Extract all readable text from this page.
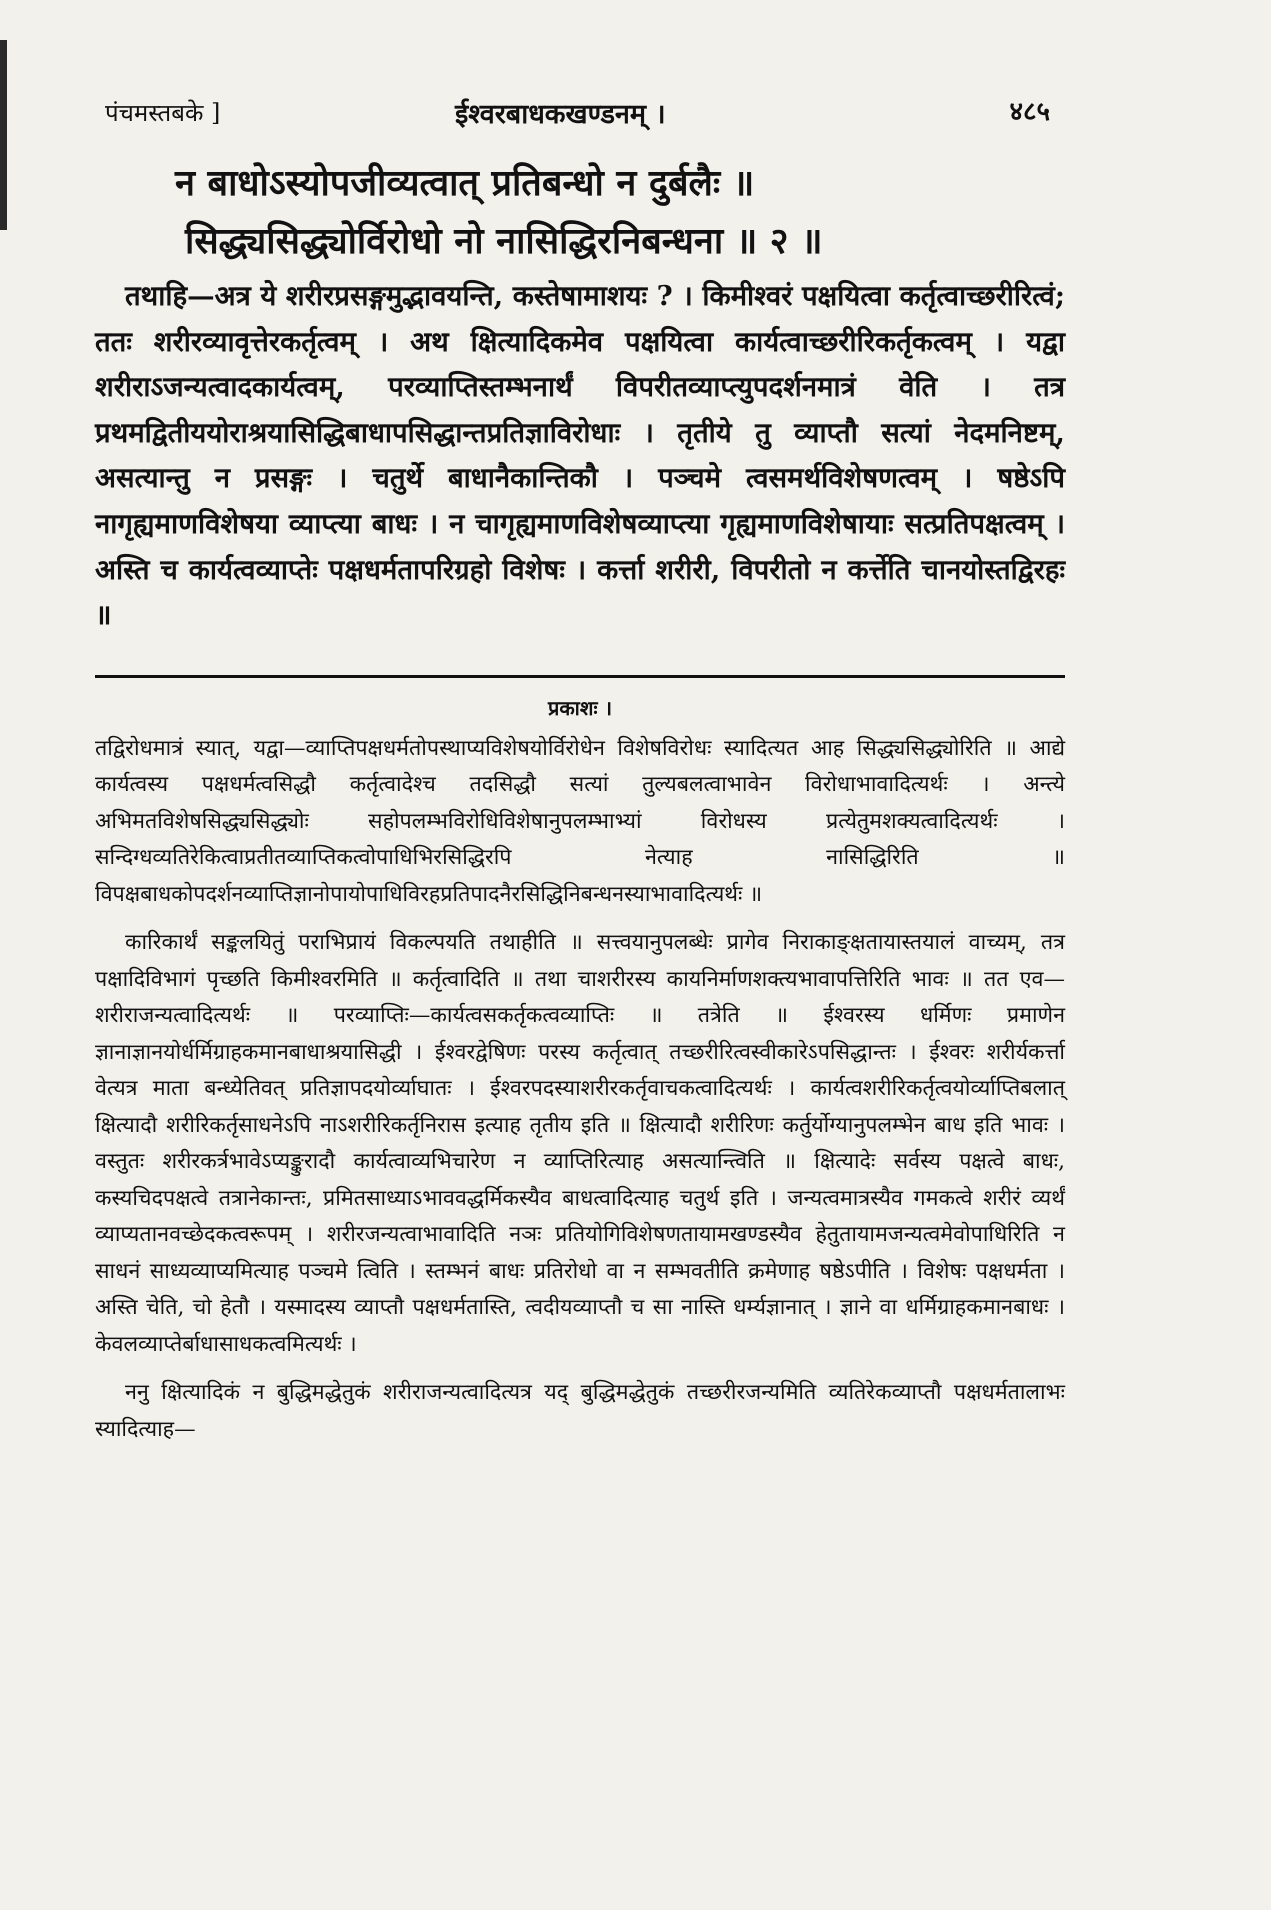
पंचमस्तबके ]	ईश्वरबाधकखण्डनम् ।	४८५
न बाधोऽस्योपजीव्यत्वात् प्रतिबन्धो न दुर्बलैः ॥
सिद्ध्यसिद्ध्योर्विरोधो नो नासिद्धिरनिबन्धना ॥ २ ॥
तथाहि—अत्र ये शरीरप्रसङ्गमुद्भावयन्ति, कस्तेषामाशयः ? । किमीश्वरं पक्षयित्वा कर्तृत्वाच्छरीरित्वं; ततः शरीरव्यावृत्तेरकर्तृत्वम् । अथ क्षित्यादिकमेव पक्षयित्वा कार्यत्वाच्छरीरिकर्तृकत्वम् । यद्वा शरीराऽजन्यत्वादकार्यत्वम्, परव्याप्तिस्तम्भनार्थं विपरीतव्याप्त्युपदर्शनमात्रं वेति । तत्र प्रथमद्वितीययोराश्रयासिद्धिबाधापसिद्धान्तप्रतिज्ञाविरोधाः । तृतीये तु व्याप्तौ सत्यां नेदमनिष्टम्, असत्यान्तु न प्रसङ्गः । चतुर्थे बाधानैकान्तिकौ । पञ्चमे त्वसमर्थविशेषणत्वम् । षष्ठेऽपि नागृह्यमाणविशेषया व्याप्त्या बाधः । न चागृह्यमाणविशेषव्याप्त्या गृह्यमाणविशेषायाः सत्प्रतिपक्षत्वम् । अस्ति च कार्यत्वव्याप्तेः पक्षधर्मतापरिग्रहो विशेषः । कर्त्ता शरीरी, विपरीतो न कर्त्तेति चानयोस्तद्विरहः ॥
प्रकाशः ।

तद्विरोधमात्रं स्यात्, यद्वा—व्याप्तिपक्षधर्मतोपस्थाप्यविशेषयोर्विरोधेन विशेषविरोधः स्यादित्यत आह सिद्ध्यसिद्ध्योरिति ॥ आद्ये कार्यत्वस्य पक्षधर्मत्वसिद्धौ कर्तृत्वादेश्च तदसिद्धौ सत्यां तुल्यबलत्वाभावेन विरोधाभावादित्यर्थः । अन्त्ये अभिमतविशेषसिद्ध्यसिद्ध्योः सहोपलम्भविरोधिविशेषानुपलम्भाभ्यां विरोधस्य प्रत्येतुमशक्यत्वादित्यर्थः । सन्दिग्धव्यतिरेकित्वाप्रतीतव्याप्तिकत्वोपाधिभिरसिद्धिरपि नेत्याह नासिद्धिरिति ॥ विपक्षबाधकोपदर्शनव्याप्तिज्ञानोपायोपाधिविरहप्रतिपादनैरसिद्धिनिबन्धनस्याभावादित्यर्थः ॥

कारिकार्थं सङ्कलयितुं पराभिप्रायं विकल्पयति तथाहीति ॥ सत्त्वयानुपलब्धेः प्रागेव निराकाङ्क्षतायास्तयालं वाच्यम्, तत्र पक्षादिविभागं पृच्छति किमीश्वरमिति ॥ कर्तृत्वादिति ॥ तथा चाशरीरस्य कायनिर्माणशक्त्यभावापत्तिरिति भावः ॥ तत एव—शरीराजन्यत्वादित्यर्थः ॥ परव्याप्तिः—कार्यत्वसकर्तृकत्वव्याप्तिः ॥ तत्रेति ॥ ईश्वरस्य धर्मिणः प्रमाणेन ज्ञानाज्ञानयोर्धर्मिग्राहकमानबाधाश्रयासिद्धी । ईश्वरद्वेषिणः परस्य कर्तृत्वात् तच्छरीरित्वस्वीकारेऽपसिद्धान्तः । ईश्वरः शरीर्यकर्त्ता वेत्यत्र माता बन्ध्येतिवत् प्रतिज्ञापदयोर्व्याघातः । ईश्वरपदस्याशरीरकर्तृवाचकत्वादित्यर्थः । कार्यत्वशरीरिकर्तृत्वयोर्व्याप्तिबलात् क्षित्यादौ शरीरिकर्तृसाधनेऽपि नाऽशरीरिकर्तृनिरास इत्याह तृतीय इति ॥ क्षित्यादौ शरीरिणः कर्तुर्योग्यानुपलम्भेन बाध इति भावः । वस्तुतः शरीरकर्त्रभावेऽप्यङ्कुरादौ कार्यत्वाव्यभिचारेण न व्याप्तिरित्याह असत्यान्त्विति ॥ क्षित्यादेः सर्वस्य पक्षत्वे बाधः, कस्यचिदपक्षत्वे तत्रानेकान्तः, प्रमितसाध्याऽभाववद्धर्मिकस्यैव बाधत्वादित्याह चतुर्थ इति । जन्यत्वमात्रस्यैव गमकत्वे शरीरं व्यर्थं व्याप्यतानवच्छेदकत्वरूपम् । शरीरजन्यत्वाभावादिति नञः प्रतियोगिविशेषणतायामखण्डस्यैव हेतुतायामजन्यत्वमेवोपाधिरिति न साधनं साध्यव्याप्यमित्याह पञ्चमे त्विति । स्तम्भनं बाधः प्रतिरोधो वा न सम्भवतीति क्रमेणाह षष्ठेऽपीति । विशेषः पक्षधर्मता । अस्ति चेति, चो हेतौ । यस्मादस्य व्याप्तौ पक्षधर्मतास्ति, त्वदीयव्याप्तौ च सा नास्ति धर्म्यज्ञानात् । ज्ञाने वा धर्मिग्राहकमानबाधः । केवलव्याप्तेर्बाधासाधकत्वमित्यर्थः ।

ननु क्षित्यादिकं न बुद्धिमद्धेतुकं शरीराजन्यत्वादित्यत्र यद् बुद्धिमद्धेतुकं तच्छरीरजन्यमिति व्यतिरेकव्याप्तौ पक्षधर्मतालाभः स्यादित्याह—
